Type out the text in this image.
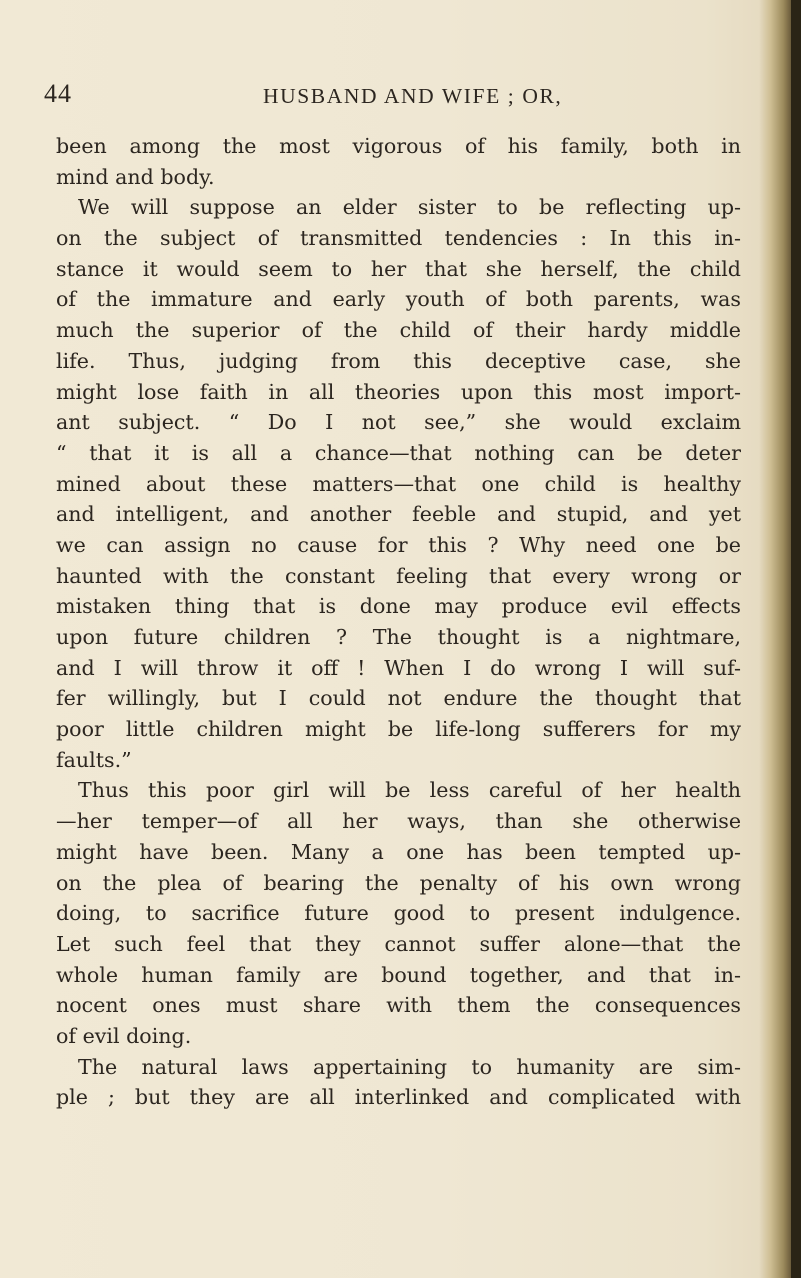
44	HUSBAND AND WIFE ; OR,
been among the most vigorous of his family, both in
mind and body.
We will suppose an elder sister to be reflecting up-
on the subject of transmitted tendencies : In this in-
stance it would seem to her that she herself, the child
of the immature and early youth of both parents, was
much the superior of the child of their hardy middle
life. Thus, judging from this deceptive case, she
might lose faith in all theories upon this most import-
ant subject. “ Do I not see,” she would exclaim
“ that it is all a chance—that nothing can be deter
mined about these matters—that one child is healthy
and intelligent, and another feeble and stupid, and yet
we can assign no cause for this ? Why need one be
haunted with the constant feeling that every wrong or
mistaken thing that is done may produce evil effects
upon future children ? The thought is a nightmare,
and I will throw it off ! When I do wrong I will suf-
fer willingly, but I could not endure the thought that
poor little children might be life-long sufferers for my
faults.”
Thus this poor girl will be less careful of her health
—her temper—of all her ways, than she otherwise
might have been. Many a one has been tempted up-
on the plea of bearing the penalty of his own wrong
doing, to sacrifice future good to present indulgence.
Let such feel that they cannot suffer alone—that the
whole human family are bound together, and that in-
nocent ones must share with them the consequences
of evil doing.
The natural laws appertaining to humanity are sim-
ple ; but they are all interlinked and complicated with
